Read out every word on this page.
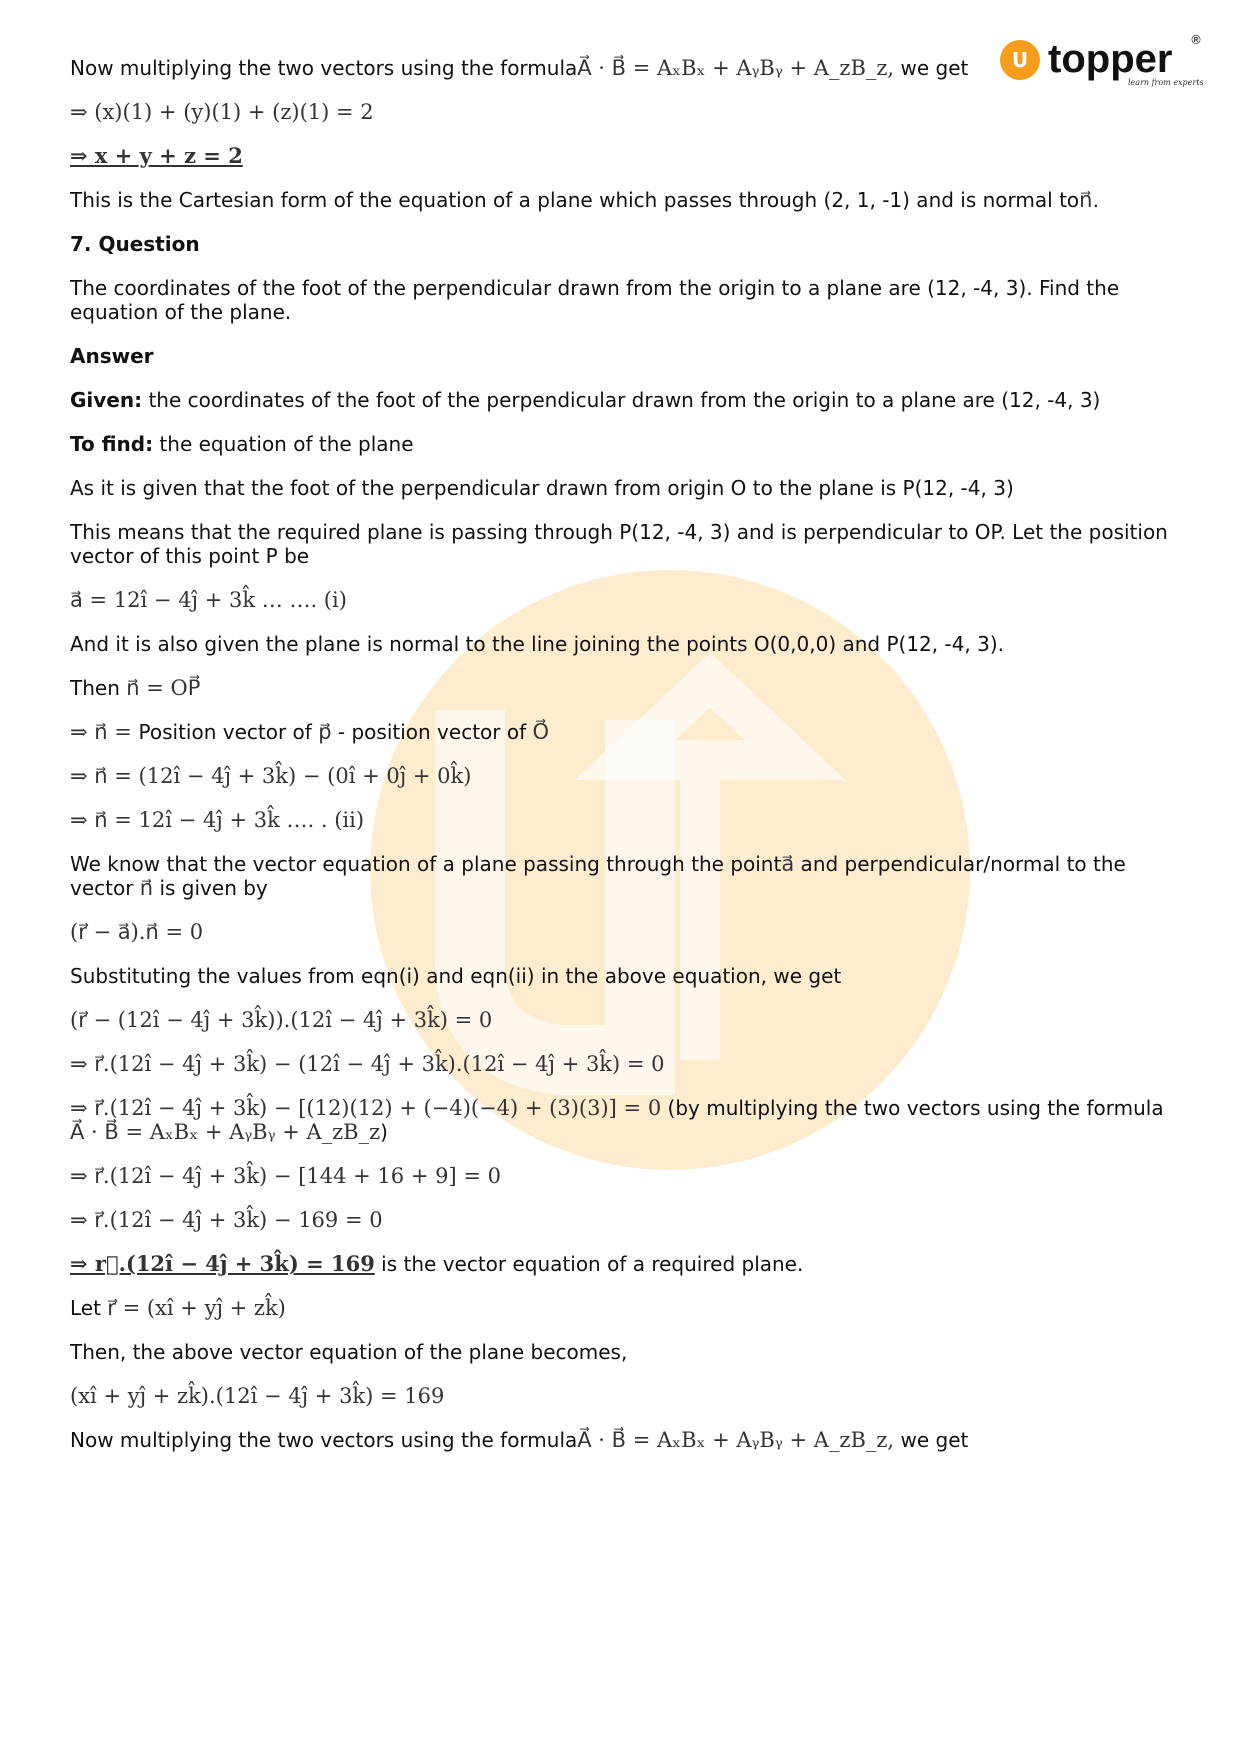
U topper ®
learn from experts
Now multiplying the two vectors using the formulaA⃗ · B⃗ = AₓBₓ + AᵧBᵧ + A_zB_z, we get
⇒ (x)(1) + (y)(1) + (z)(1) = 2
⇒ x + y + z = 2
This is the Cartesian form of the equation of a plane which passes through (2, 1, -1) and is normal ton⃗.
7. Question
The coordinates of the foot of the perpendicular drawn from the origin to a plane are (12, -4, 3). Find the equation of the plane.
Answer
Given: the coordinates of the foot of the perpendicular drawn from the origin to a plane are (12, -4, 3)
To find: the equation of the plane
As it is given that the foot of the perpendicular drawn from origin O to the plane is P(12, -4, 3)
This means that the required plane is passing through P(12, -4, 3) and is perpendicular to OP. Let the position vector of this point P be
a⃗ = 12î − 4ĵ + 3k̂ … …. (i)
And it is also given the plane is normal to the line joining the points O(0,0,0) and P(12, -4, 3).
Then n⃗ = OP⃗
⇒ n⃗ = Position vector of p⃗ - position vector of O⃗
⇒ n⃗ = (12î − 4ĵ + 3k̂) − (0î + 0ĵ + 0k̂)
⇒ n⃗ = 12î − 4ĵ + 3k̂ …. . (ii)
We know that the vector equation of a plane passing through the pointa⃗ and perpendicular/normal to the vector n⃗ is given by
(r⃗ − a⃗).n⃗ = 0
Substituting the values from eqn(i) and eqn(ii) in the above equation, we get
(r⃗ − (12î − 4ĵ + 3k̂)).(12î − 4ĵ + 3k̂) = 0
⇒ r⃗.(12î − 4ĵ + 3k̂) − (12î − 4ĵ + 3k̂).(12î − 4ĵ + 3k̂) = 0
⇒ r⃗.(12î − 4ĵ + 3k̂) − [(12)(12) + (−4)(−4) + (3)(3)] = 0 (by multiplying the two vectors using the formula A⃗ · B⃗ = AₓBₓ + AᵧBᵧ + A_zB_z)
⇒ r⃗.(12î − 4ĵ + 3k̂) − [144 + 16 + 9] = 0
⇒ r⃗.(12î − 4ĵ + 3k̂) − 169 = 0
⇒ r⃗.(12î − 4ĵ + 3k̂) = 169 is the vector equation of a required plane.
Let r⃗ = (xî + yĵ + zk̂)
Then, the above vector equation of the plane becomes,
(xî + yĵ + zk̂).(12î − 4ĵ + 3k̂) = 169
Now multiplying the two vectors using the formulaA⃗ · B⃗ = AₓBₓ + AᵧBᵧ + A_zB_z, we get
